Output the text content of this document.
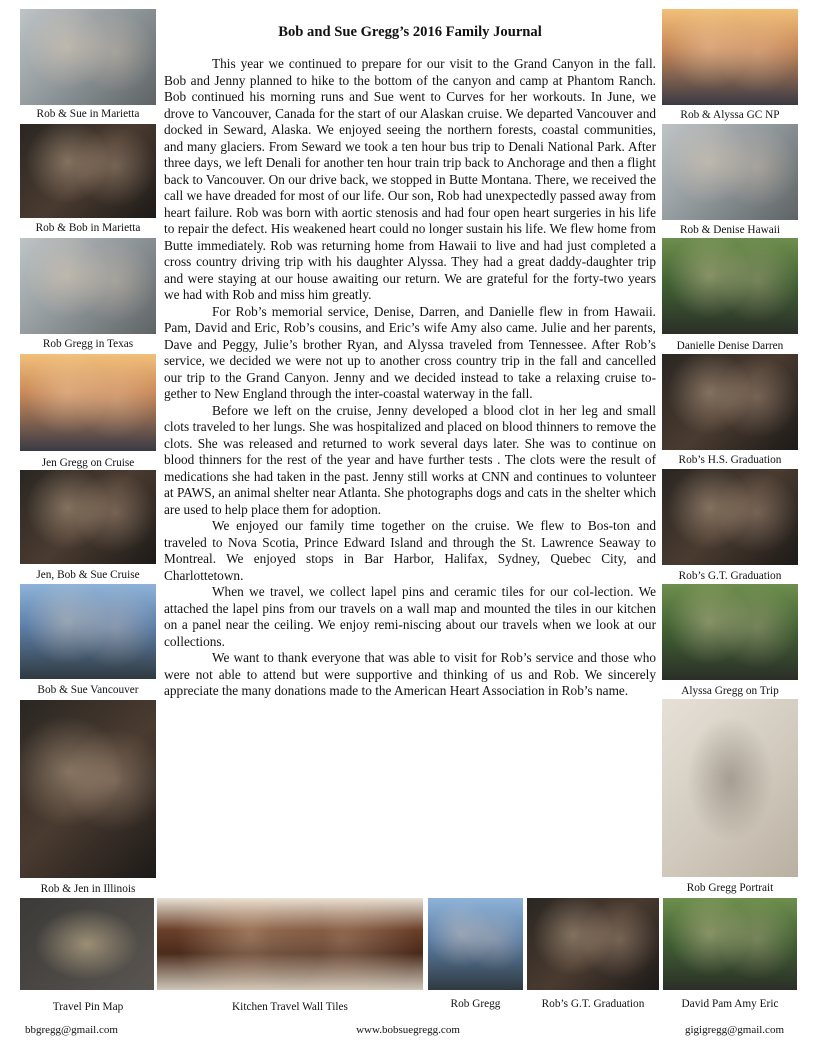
Bob and Sue Gregg’s 2016 Family Journal

This year we continued to prepare for our visit to the Grand Canyon in the fall. Bob and Jenny planned to hike to the bottom of the canyon and camp at Phantom Ranch. Bob continued his morning runs and Sue went to Curves for her workouts. In June, we drove to Vancouver, Canada for the start of our Alaskan cruise. We departed Vancouver and docked in Seward, Alaska. We enjoyed seeing the northern forests, coastal communities, and many glaciers. From Seward we took a ten hour bus trip to Denali National Park. After three days, we left Denali for another ten hour train trip back to Anchorage and then a flight back to Vancouver. On our drive back, we stopped in Butte Montana. There, we received the call we have dreaded for most of our life. Our son, Rob had unexpectedly passed away from heart failure. Rob was born with aortic stenosis and had four open heart surgeries in his life to repair the defect. His weakened heart could no longer sustain his life. We flew home from Butte immediately. Rob was returning home from Hawaii to live and had just completed a cross country driving trip with his daughter Alyssa. They had a great daddy-daughter trip and were staying at our house awaiting our return. We are grateful for the forty-two years we had with Rob and miss him greatly.

For Rob’s memorial service, Denise, Darren, and Danielle flew in from Hawaii. Pam, David and Eric, Rob’s cousins, and Eric’s wife Amy also came. Julie and her parents, Dave and Peggy, Julie’s brother Ryan, and Alyssa traveled from Tennessee. After Rob’s service, we decided we were not up to another cross country trip in the fall and cancelled our trip to the Grand Canyon. Jenny and we decided instead to take a relaxing cruise to-gether to New England through the inter-coastal waterway in the fall.

Before we left on the cruise, Jenny developed a blood clot in her leg and small clots traveled to her lungs. She was hospitalized and placed on blood thinners to remove the clots. She was released and returned to work several days later. She was to continue on blood thinners for the rest of the year and have further tests . The clots were the result of medications she had taken in the past. Jenny still works at CNN and continues to volunteer at PAWS, an animal shelter near Atlanta. She photographs dogs and cats in the shelter which are used to help place them for adoption.

We enjoyed our family time together on the cruise. We flew to Bos-ton and traveled to Nova Scotia, Prince Edward Island and through the St. Lawrence Seaway to Montreal. We enjoyed stops in Bar Harbor, Halifax, Sydney, Quebec City, and Charlottetown.

When we travel, we collect lapel pins and ceramic tiles for our col-lection. We attached the lapel pins from our travels on a wall map and mounted the tiles in our kitchen on a panel near the ceiling. We enjoy remi-niscing about our travels when we look at our collections.

We want to thank everyone that was able to visit for Rob’s service and those who were not able to attend but were supportive and thinking of us and Rob. We sincerely appreciate the many donations made to the American Heart Association in Rob’s name.

Rob & Sue in Marietta
Rob & Bob in Marietta
Rob Gregg in Texas
Jen Gregg on Cruise
Jen, Bob & Sue Cruise
Bob & Sue Vancouver
Rob & Jen in Illinois
Rob & Alyssa GC NP
Rob & Denise Hawaii
Danielle Denise Darren
Rob’s H.S. Graduation
Rob’s G.T. Graduation
Alyssa Gregg on Trip
Rob Gregg Portrait
Travel Pin Map	Kitchen Travel Wall Tiles	Rob Gregg	Rob’s G.T. Graduation	David Pam Amy Eric
bbgregg@gmail.com	www.bobsuegregg.com	gigigregg@gmail.com
